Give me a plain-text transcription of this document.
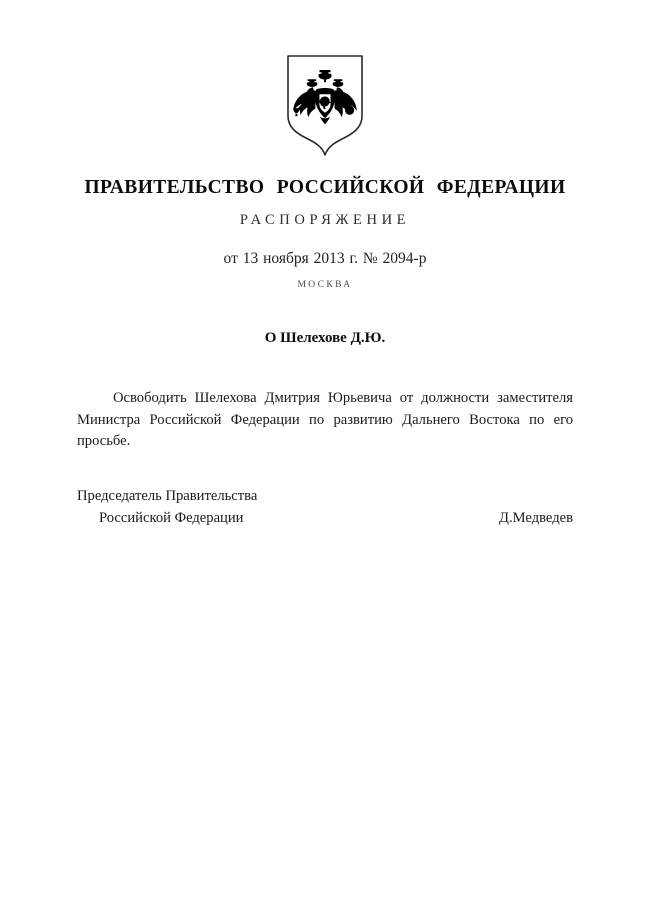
ПРАВИТЕЛЬСТВО РОССИЙСКОЙ ФЕДЕРАЦИИ
РАСПОРЯЖЕНИЕ
от 13 ноября 2013 г. № 2094-р
МОСКВА
О Шелехове Д.Ю.
Освободить Шелехова Дмитрия Юрьевича от должности заместителя Министра Российской Федерации по развитию Дальнего Востока по его просьбе.
Председатель Правительства
Российской Федерации	Д.Медведев
